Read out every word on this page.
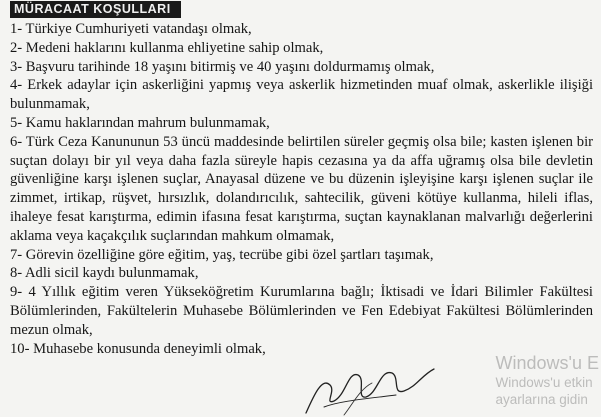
MÜRACAAT KOŞULLARI

1- Türkiye Cumhuriyeti vatandaşı olmak,

2- Medeni haklarını kullanma ehliyetine sahip olmak,

3- Başvuru tarihinde 18 yaşını bitirmiş ve 40 yaşını doldurmamış olmak,

4- Erkek adaylar için askerliğini yapmış veya askerlik hizmetinden muaf olmak, askerlikle ilişiği bulunmamak,

5- Kamu haklarından mahrum bulunmamak,

6- Türk Ceza Kanununun 53 üncü maddesinde belirtilen süreler geçmiş olsa bile; kasten işlenen bir suçtan dolayı bir yıl veya daha fazla süreyle hapis cezasına ya da affa uğramış olsa bile devletin güvenliğine karşı işlenen suçlar, Anayasal düzene ve bu düzenin işleyişine karşı işlenen suçlar ile zimmet, irtikap, rüşvet, hırsızlık, dolandırıcılık, sahtecilik, güveni kötüye kullanma, hileli iflas, ihaleye fesat karıştırma, edimin ifasına fesat karıştırma, suçtan kaynaklanan malvarlığı değerlerini aklama veya kaçakçılık suçlarından mahkum olmamak,

7- Görevin özelliğine göre eğitim, yaş, tecrübe gibi özel şartları taşımak,

8- Adli sicil kaydı bulunmamak,

9- 4 Yıllık eğitim veren Yükseköğretim Kurumlarına bağlı; İktisadi ve İdari Bilimler Fakültesi Bölümlerinden, Fakültelerin Muhasebe Bölümlerinden ve Fen Edebiyat Fakültesi Bölümlerinden mezun olmak,

10- Muhasebe konusunda deneyimli olmak,

Windows'u E
Windows'u etkin
ayarlarına gidin
